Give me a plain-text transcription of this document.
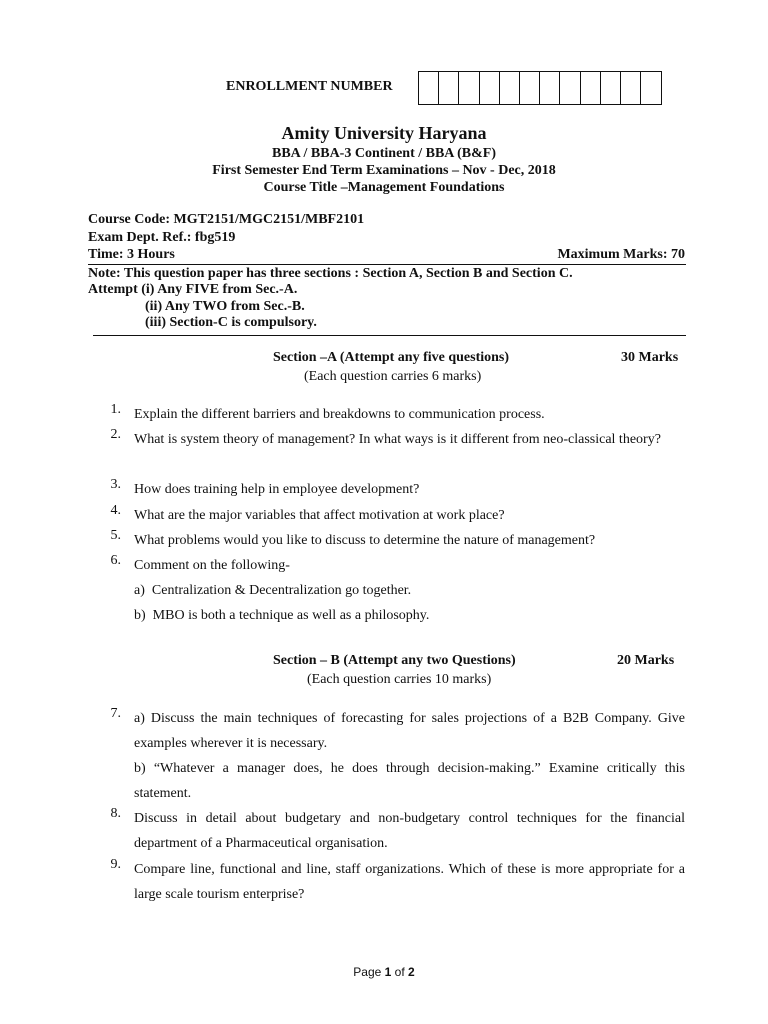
ENROLLMENT NUMBER
Amity University Haryana
BBA / BBA-3 Continent / BBA (B&F)
First Semester End Term Examinations – Nov - Dec, 2018
Course Title –Management Foundations
Course Code: MGT2151/MGC2151/MBF2101
Exam Dept. Ref.: fbg519
Time: 3 Hours	Maximum Marks: 70
Note: This question paper has three sections : Section A, Section B and Section C.
Attempt (i) Any FIVE from Sec.-A.
(ii) Any TWO from Sec.-B.
(iii) Section-C is compulsory.
Section –A (Attempt any five questions)	30 Marks
(Each question carries 6 marks)
1. Explain the different barriers and breakdowns to communication process.
2. What is system theory of management? In what ways is it different from neo-classical theory?
3. How does training help in employee development?
4. What are the major variables that affect motivation at work place?
5. What problems would you like to discuss to determine the nature of management?
6. Comment on the following-
a) Centralization & Decentralization go together.
b) MBO is both a technique as well as a philosophy.
Section – B (Attempt any two Questions)	20 Marks
(Each question carries 10 marks)
7. a) Discuss the main techniques of forecasting for sales projections of a B2B Company. Give examples wherever it is necessary.
b) “Whatever a manager does, he does through decision-making.” Examine critically this statement.
8. Discuss in detail about budgetary and non-budgetary control techniques for the financial department of a Pharmaceutical organisation.
9. Compare line, functional and line, staff organizations. Which of these is more appropriate for a large scale tourism enterprise?
Page 1 of 2
